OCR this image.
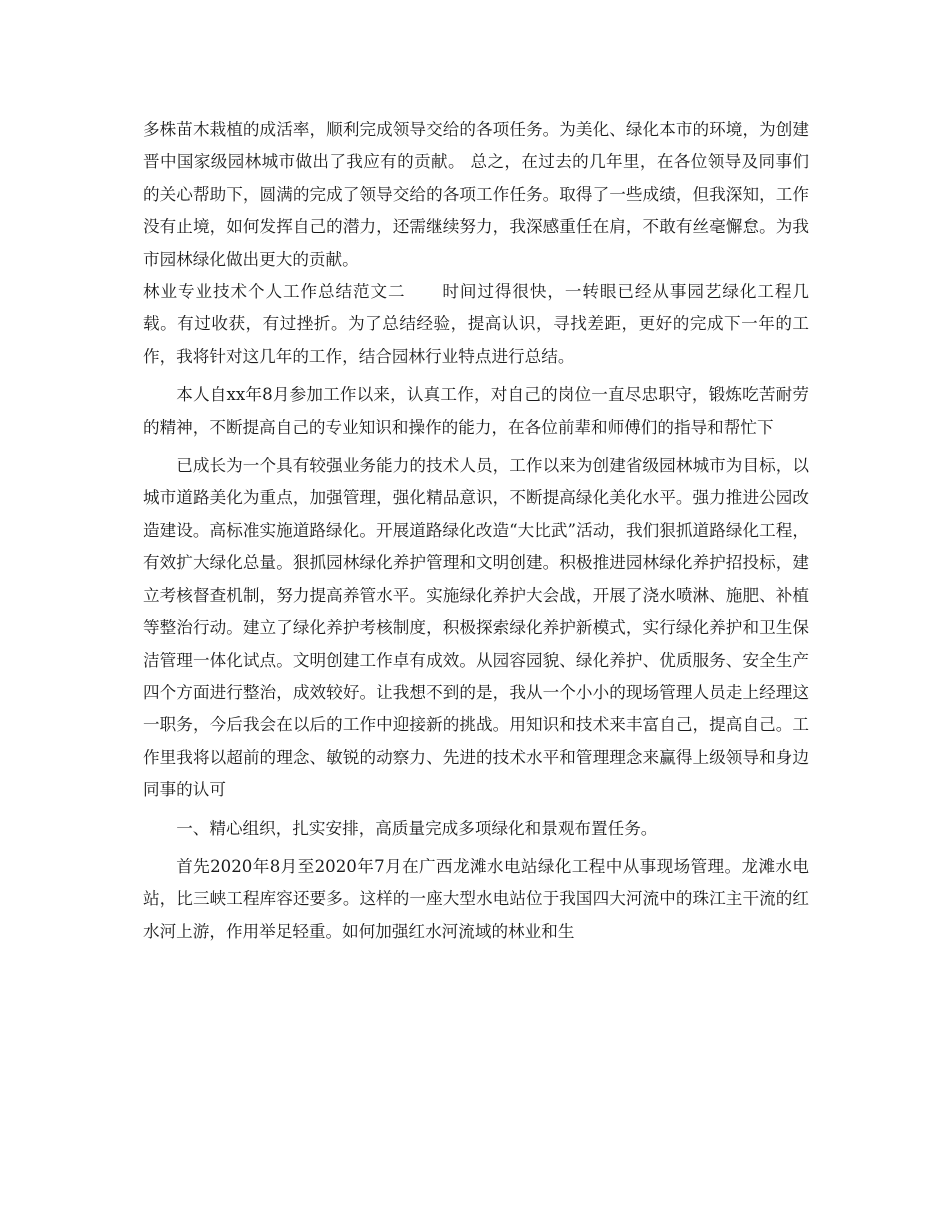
多株苗木栽植的成活率，顺利完成领导交给的各项任务。为美化、绿化本市的环境，为创建晋中国家级园林城市做出了我应有的贡献。 总之，在过去的几年里，在各位领导及同事们的关心帮助下，圆满的完成了领导交给的各项工作任务。取得了一些成绩，但我深知，工作没有止境，如何发挥自己的潜力，还需继续努力，我深感重任在肩，不敢有丝毫懈怠。为我市园林绿化做出更大的贡献。

林业专业技术个人工作总结范文二 时间过得很快，一转眼已经从事园艺绿化工程几载。有过收获，有过挫折。为了总结经验，提高认识，寻找差距，更好的完成下一年的工作，我将针对这几年的工作，结合园林行业特点进行总结。

本人自xx年8月参加工作以来，认真工作，对自己的岗位一直尽忠职守，锻炼吃苦耐劳的精神，不断提高自己的专业知识和操作的能力，在各位前辈和师傅们的指导和帮忙下

已成长为一个具有较强业务能力的技术人员，工作以来为创建省级园林城市为目标，以城市道路美化为重点，加强管理，强化精品意识，不断提高绿化美化水平。强力推进公园改造建设。高标准实施道路绿化。开展道路绿化改造“大比武”活动，我们狠抓道路绿化工程，有效扩大绿化总量。狠抓园林绿化养护管理和文明创建。积极推进园林绿化养护招投标，建立考核督查机制，努力提高养管水平。实施绿化养护大会战，开展了浇水喷淋、施肥、补植等整治行动。建立了绿化养护考核制度，积极探索绿化养护新模式，实行绿化养护和卫生保洁管理一体化试点。文明创建工作卓有成效。从园容园貌、绿化养护、优质服务、安全生产四个方面进行整治，成效较好。让我想不到的是，我从一个小小的现场管理人员走上经理这一职务，今后我会在以后的工作中迎接新的挑战。用知识和技术来丰富自己，提高自己。工作里我将以超前的理念、敏锐的动察力、先进的技术水平和管理理念来赢得上级领导和身边同事的认可

一、精心组织，扎实安排，高质量完成多项绿化和景观布置任务。

首先2020年8月至2020年7月在广西龙滩水电站绿化工程中从事现场管理。龙滩水电站，比三峡工程库容还要多。这样的一座大型水电站位于我国四大河流中的珠江主干流的红水河上游，作用举足轻重。如何加强红水河流域的林业和生
